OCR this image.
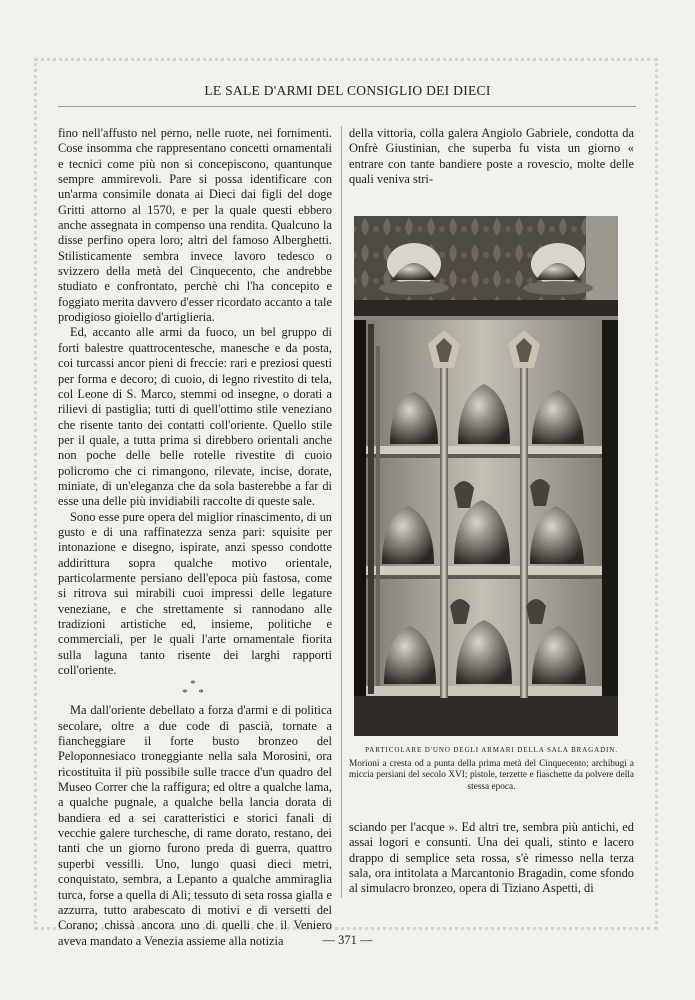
LE SALE D'ARMI DEL CONSIGLIO DEI DIECI

fino nell'affusto nel perno, nelle ruote, nei fornimenti. Cose insomma che rappresentano concetti ornamentali e tecnici come più non si concepiscono, quantunque sempre ammirevoli. Pare si possa identificare con un'arma consimile donata ai Dieci dai figli del doge Gritti attorno al 1570, e per la quale questi ebbero anche assegnata in compenso una rendita. Qualcuno la disse perfino opera loro; altri del famoso Alberghetti. Stilisticamente sembra invece lavoro tedesco o svizzero della metà del Cinquecento, che andrebbe studiato e confrontato, perchè chi l'ha concepito e foggiato merita davvero d'esser ricordato accanto a tale prodigioso gioiello d'artiglieria.

Ed, accanto alle armi da fuoco, un bel gruppo di forti balestre quattrocentesche, manesche e da posta, coi turcassi ancor pieni di freccie: rari e preziosi questi per forma e decoro; di cuoio, di legno rivestito di tela, col Leone di S. Marco, stemmi od insegne, o dorati a rilievi di pastiglia; tutti di quell'ottimo stile veneziano che risente tanto dei contatti coll'oriente. Quello stile per il quale, a tutta prima si direbbero orientali anche non poche delle belle rotelle rivestite di cuoio policromo che ci rimangono, rilevate, incise, dorate, miniate, di un'eleganza che da sola basterebbe a far di esse una delle più invidiabili raccolte di queste sale.

Sono esse pure opera del miglior rinascimento, di un gusto e di una raffinatezza senza pari: squisite per intonazione e disegno, ispirate, anzi spesso condotte addirittura sopra qualche motivo orientale, particolarmente persiano dell'epoca più fastosa, come si ritrova sui mirabili cuoi impressi delle legature veneziane, e che strettamente si rannodano alle tradizioni artistiche ed, insieme, politiche e commerciali, per le quali l'arte ornamentale fiorita sulla laguna tanto risente dei larghi rapporti coll'oriente.

*
* *

Ma dall'oriente debellato a forza d'armi e di politica secolare, oltre a due code di pascià, tornate a fiancheggiare il forte busto bronzeo del Peloponnesiaco troneggiante nella sala Morosini, ora ricostituita il più possibile sulle tracce d'un quadro del Museo Correr che la raffigura; ed oltre a qualche lama, a qualche pugnale, a qualche bella lancia dorata di bandiera ed a sei caratteristici e storici fanali di vecchie galere turchesche, di rame dorato, restano, dei tanti che un giorno furono preda di guerra, quattro superbi vessilli. Uno, lungo quasi dieci metri, conquistato, sembra, a Lepanto a qualche ammiraglia turca, forse a quella di Alì; tessuto di seta rossa gialla e azzurra, tutto arabescato di motivi e di versetti del Corano; chissà ancora uno di quelli che il Veniero aveva mandato a Venezia assieme alla notizia

della vittoria, colla galera Angiolo Gabriele, condotta da Onfrè Giustinian, che superba fu vista un giorno « entrare con tante bandiere poste a rovescio, molte delle quali veniva stri-

PARTICOLARE D'UNO DEGLI ARMARI DELLA SALA BRAGADIN.
Morioni a cresta od a punta della prima metà del Cinquecento; archibugi a miccia persiani del secolo XVI; pistole, terzette e fiaschette da polvere della stessa epoca.

sciando per l'acque ». Ed altri tre, sembra più antichi, ed assai logori e consunti. Una dei quali, stinto e lacero drappo di semplice seta rossa, s'è rimesso nella terza sala, ora intitolata a Marcantonio Bragadin, come sfondo al simulacro bronzeo, opera di Tiziano Aspetti, di

— 371 —
